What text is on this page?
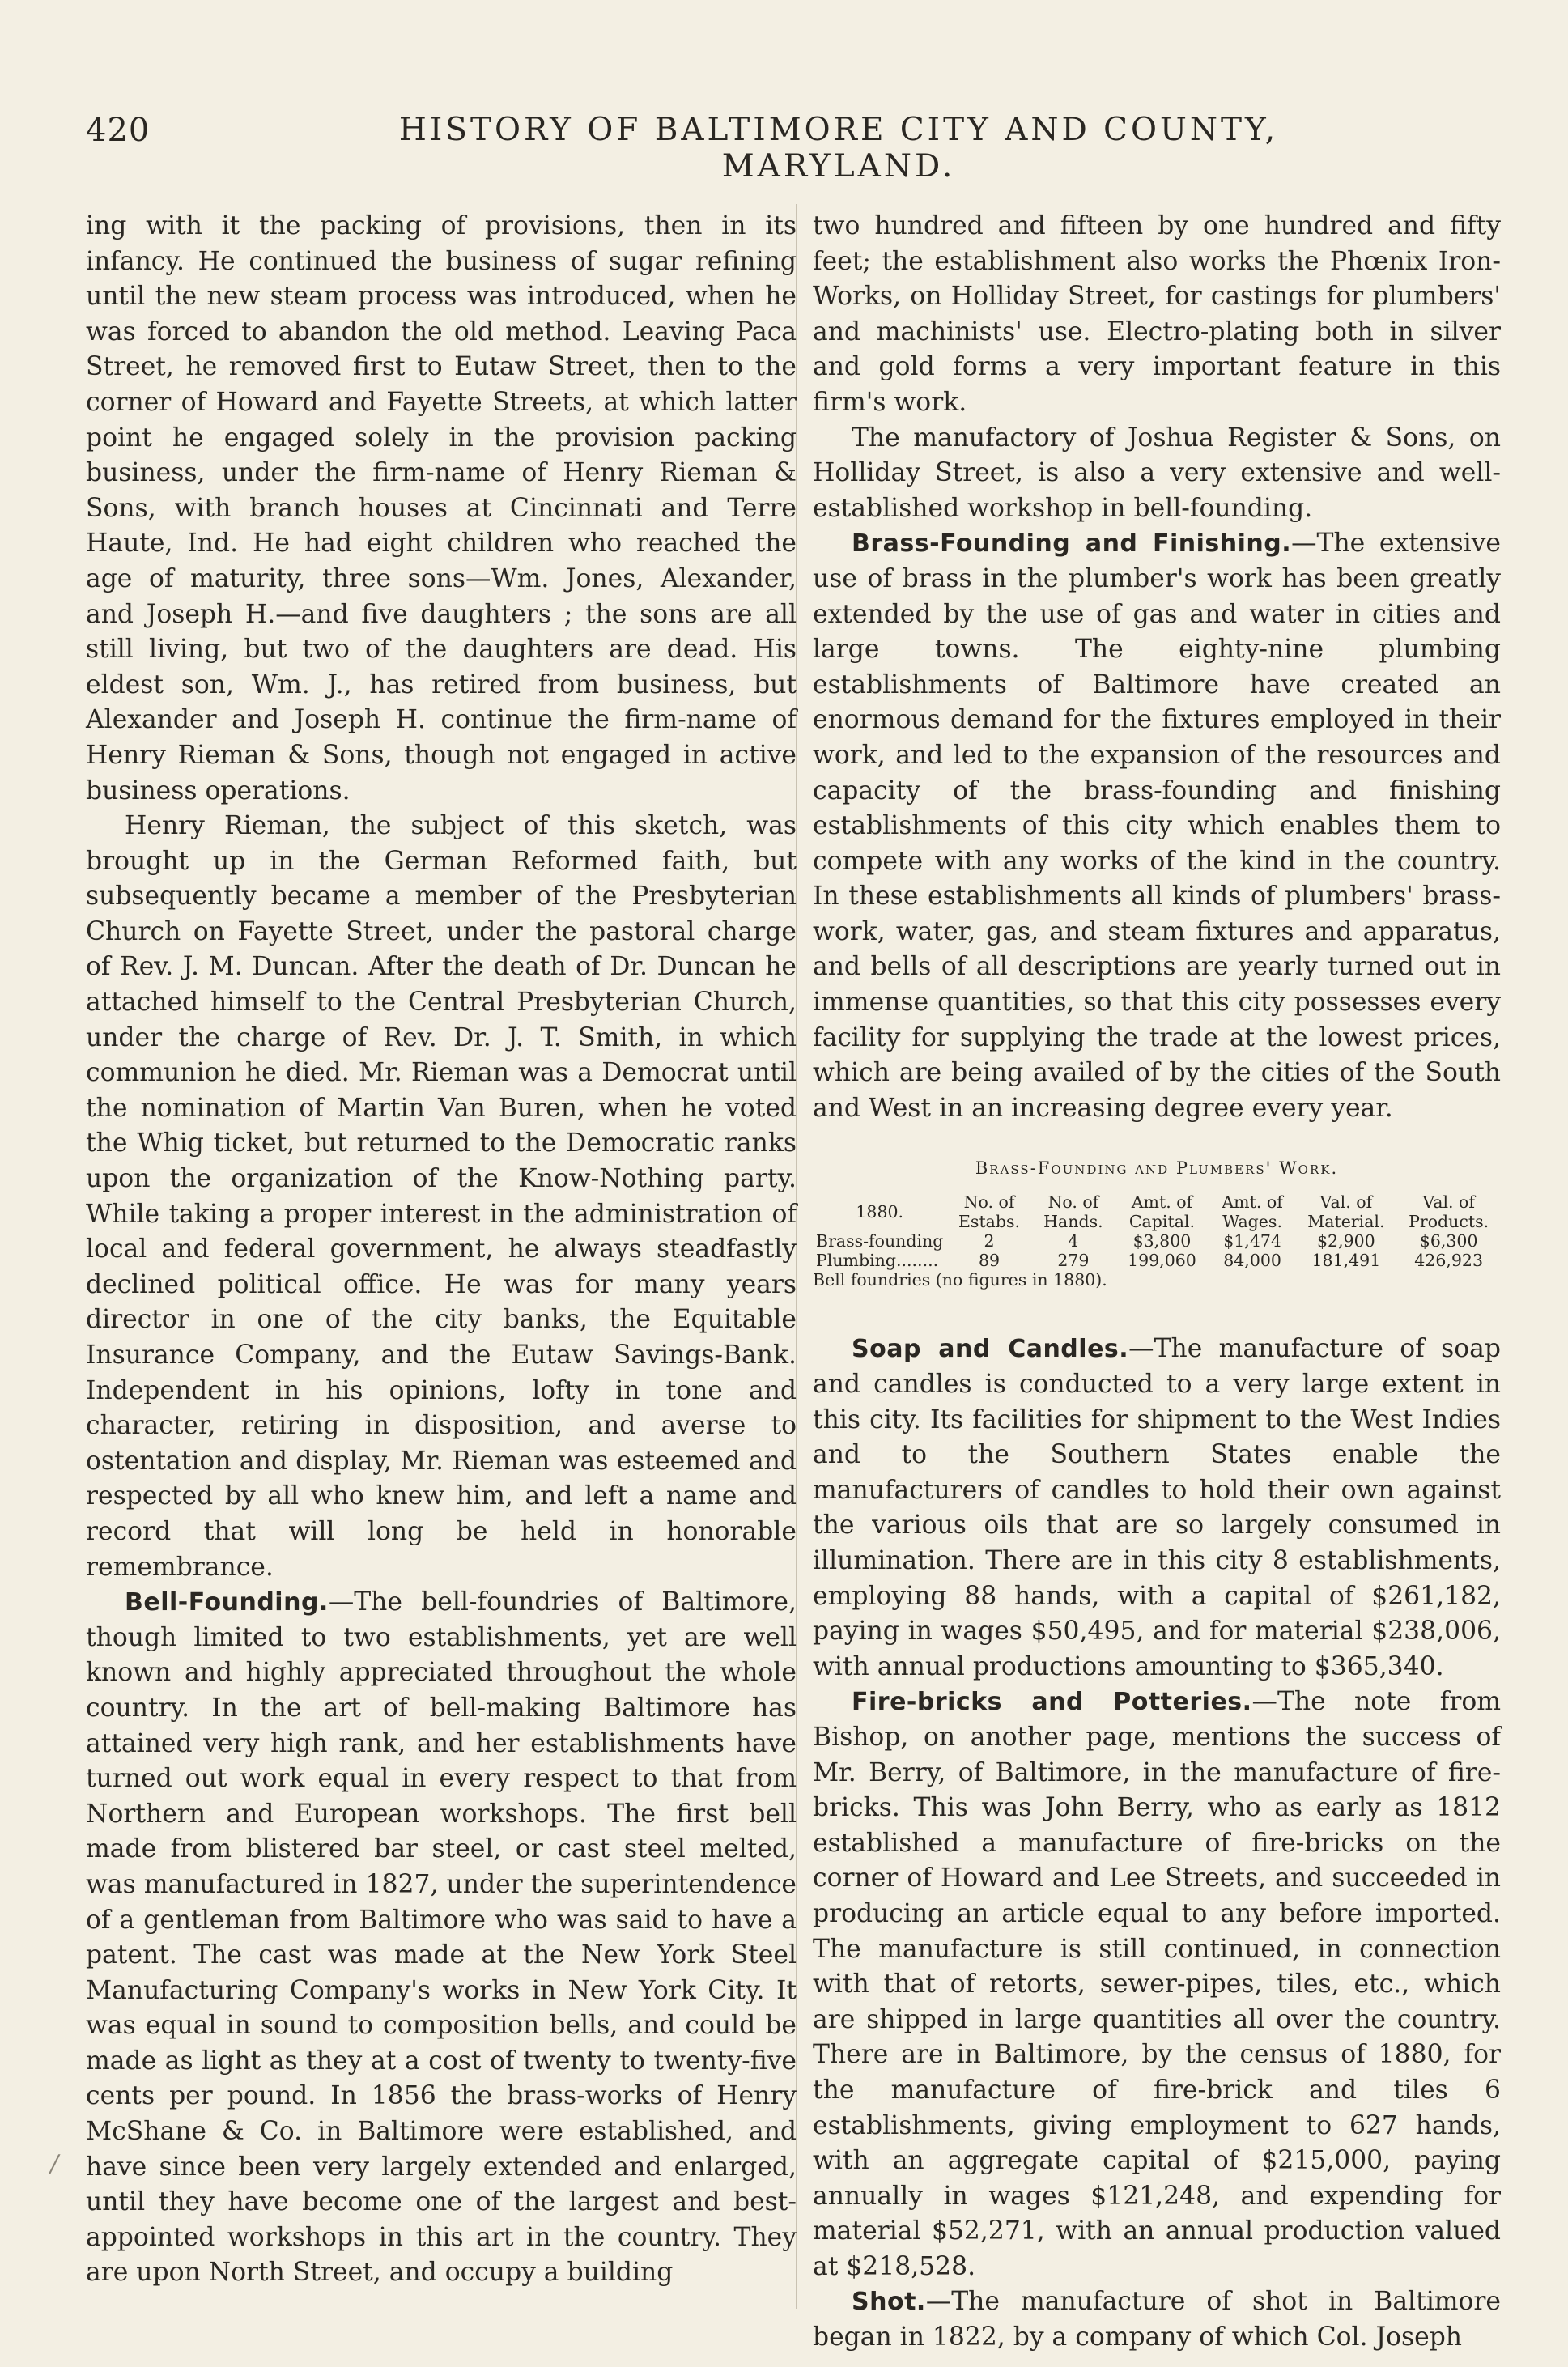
420	HISTORY OF BALTIMORE CITY AND COUNTY, MARYLAND.

ing with it the packing of provisions, then in its infancy. He continued the business of sugar refining until the new steam process was introduced, when he was forced to abandon the old method. Leaving Paca Street, he removed first to Eutaw Street, then to the corner of Howard and Fayette Streets, at which latter point he engaged solely in the provision packing business, under the firm-name of Henry Rieman & Sons, with branch houses at Cincinnati and Terre Haute, Ind. He had eight children who reached the age of maturity, three sons—Wm. Jones, Alexander, and Joseph H.—and five daughters ; the sons are all still living, but two of the daughters are dead. His eldest son, Wm. J., has retired from business, but Alexander and Joseph H. continue the firm-name of Henry Rieman & Sons, though not engaged in active business operations.

Henry Rieman, the subject of this sketch, was brought up in the German Reformed faith, but subsequently became a member of the Presbyterian Church on Fayette Street, under the pastoral charge of Rev. J. M. Duncan. After the death of Dr. Duncan he attached himself to the Central Presbyterian Church, under the charge of Rev. Dr. J. T. Smith, in which communion he died. Mr. Rieman was a Democrat until the nomination of Martin Van Buren, when he voted the Whig ticket, but returned to the Democratic ranks upon the organization of the Know-Nothing party. While taking a proper interest in the administration of local and federal government, he always steadfastly declined political office. He was for many years director in one of the city banks, the Equitable Insurance Company, and the Eutaw Savings-Bank. Independent in his opinions, lofty in tone and character, retiring in disposition, and averse to ostentation and display, Mr. Rieman was esteemed and respected by all who knew him, and left a name and record that will long be held in honorable remembrance.

Bell-Founding.—The bell-foundries of Baltimore, though limited to two establishments, yet are well known and highly appreciated throughout the whole country. In the art of bell-making Baltimore has attained very high rank, and her establishments have turned out work equal in every respect to that from Northern and European workshops. The first bell made from blistered bar steel, or cast steel melted, was manufactured in 1827, under the superintendence of a gentleman from Baltimore who was said to have a patent. The cast was made at the New York Steel Manufacturing Company's works in New York City. It was equal in sound to composition bells, and could be made as light as they at a cost of twenty to twenty-five cents per pound. In 1856 the brass-works of Henry McShane & Co. in Baltimore were established, and have since been very largely extended and enlarged, until they have become one of the largest and best-appointed workshops in this art in the country. They are upon North Street, and occupy a building

/

two hundred and fifteen by one hundred and fifty feet; the establishment also works the Phœnix Iron-Works, on Holliday Street, for castings for plumbers' and machinists' use. Electro-plating both in silver and gold forms a very important feature in this firm's work.

The manufactory of Joshua Register & Sons, on Holliday Street, is also a very extensive and well-established workshop in bell-founding.

Brass-Founding and Finishing.—The extensive use of brass in the plumber's work has been greatly extended by the use of gas and water in cities and large towns. The eighty-nine plumbing establishments of Baltimore have created an enormous demand for the fixtures employed in their work, and led to the expansion of the resources and capacity of the brass-founding and finishing establishments of this city which enables them to compete with any works of the kind in the country. In these establishments all kinds of plumbers' brass-work, water, gas, and steam fixtures and apparatus, and bells of all descriptions are yearly turned out in immense quantities, so that this city possesses every facility for supplying the trade at the lowest prices, which are being availed of by the cities of the South and West in an increasing degree every year.

Brass-Founding and Plumbers' Work.
1880.	No. of Estabs.	No. of Hands.	Amt. of Capital.	Amt. of Wages.	Val. of Material.	Val. of Products.
Brass-founding	2	4	$3,800	$1,474	$2,900	$6,300
Plumbing........	89	279	199,060	84,000	181,491	426,923
Bell foundries (no figures in 1880).

Soap and Candles.—The manufacture of soap and candles is conducted to a very large extent in this city. Its facilities for shipment to the West Indies and to the Southern States enable the manufacturers of candles to hold their own against the various oils that are so largely consumed in illumination. There are in this city 8 establishments, employing 88 hands, with a capital of $261,182, paying in wages $50,495, and for material $238,006, with annual productions amounting to $365,340.

Fire-bricks and Potteries.—The note from Bishop, on another page, mentions the success of Mr. Berry, of Baltimore, in the manufacture of fire-bricks. This was John Berry, who as early as 1812 established a manufacture of fire-bricks on the corner of Howard and Lee Streets, and succeeded in producing an article equal to any before imported. The manufacture is still continued, in connection with that of retorts, sewer-pipes, tiles, etc., which are shipped in large quantities all over the country. There are in Baltimore, by the census of 1880, for the manufacture of fire-brick and tiles 6 establishments, giving employment to 627 hands, with an aggregate capital of $215,000, paying annually in wages $121,248, and expending for material $52,271, with an annual production valued at $218,528.

Shot.—The manufacture of shot in Baltimore began in 1822, by a company of which Col. Joseph
